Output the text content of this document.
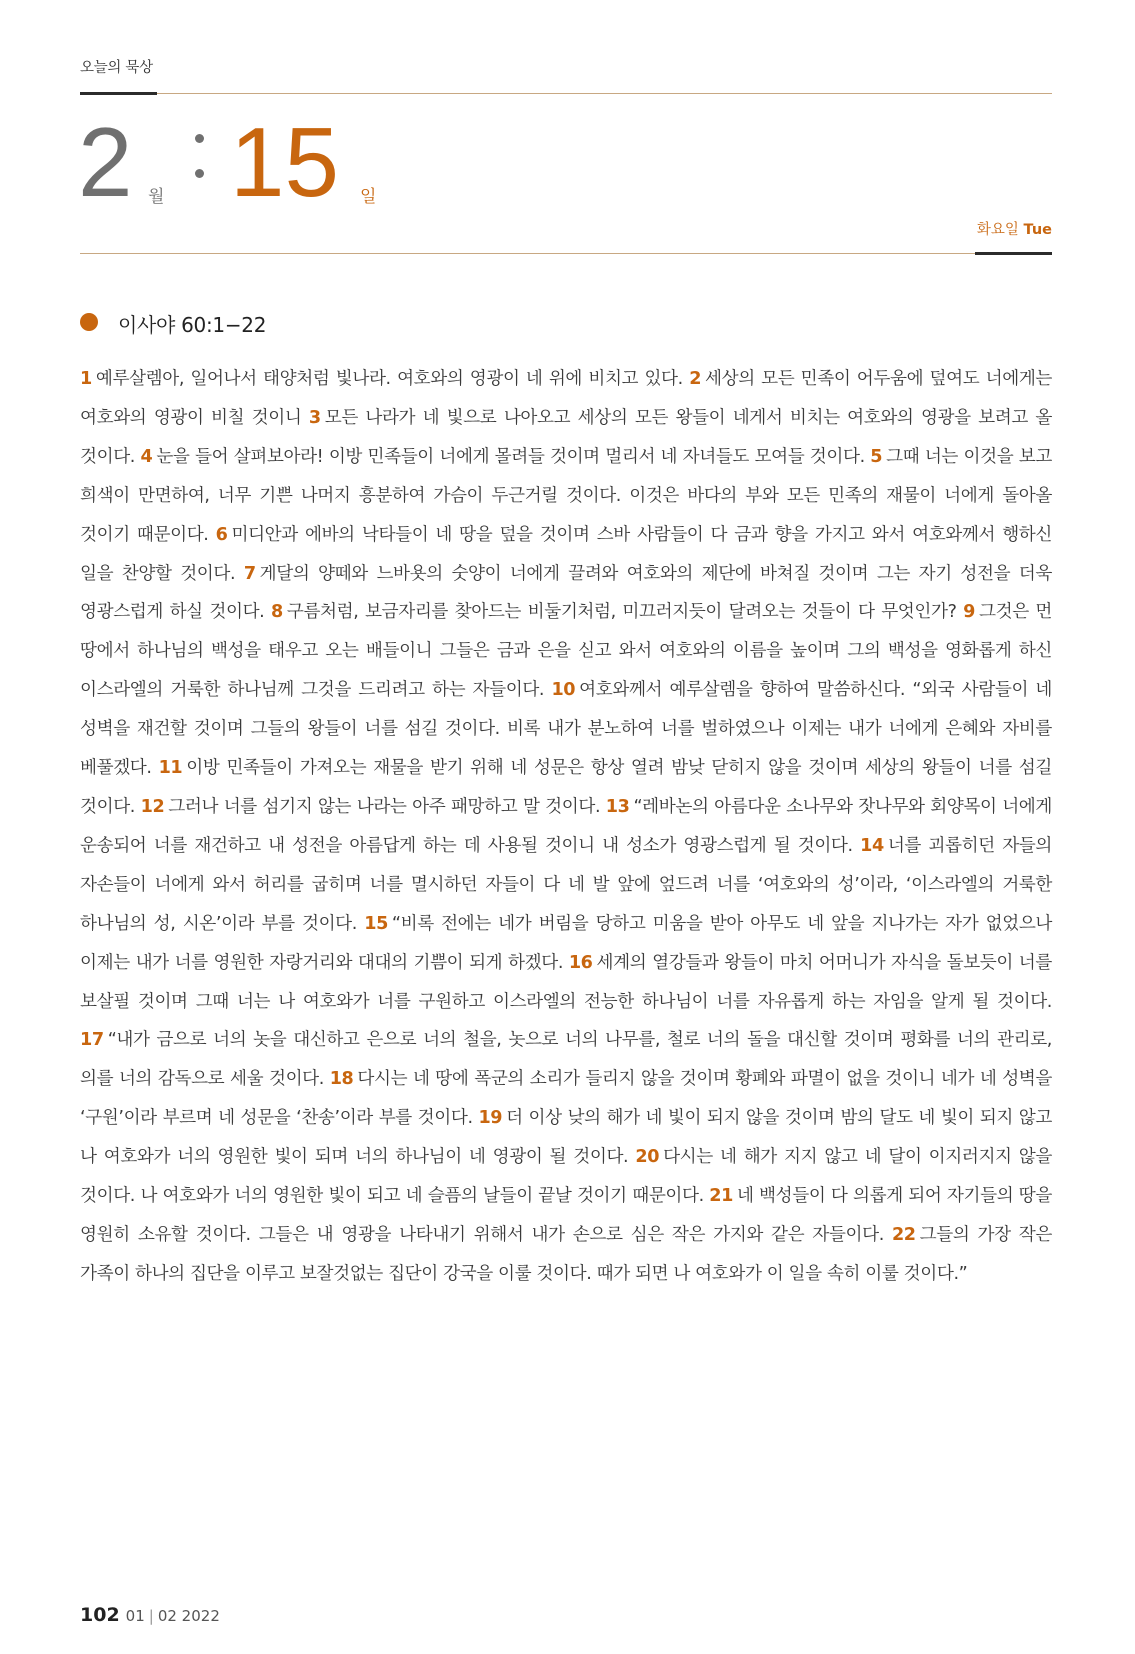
오늘의 묵상
2 월 15 일
화요일 Tue
이사야 60:1−22

1 예루살렘아, 일어나서 태양처럼 빛나라. 여호와의 영광이 네 위에 비치고 있다. 2 세상의 모든 민족이 어두움에 덮여도 너에게는 여호와의 영광이 비칠 것이니 3 모든 나라가 네 빛으로 나아오고 세상의 모든 왕들이 네게서 비치는 여호와의 영광을 보려고 올 것이다. 4 눈을 들어 살펴보아라! 이방 민족들이 너에게 몰려들 것이며 멀리서 네 자녀들도 모여들 것이다. 5 그때 너는 이것을 보고 희색이 만면하여, 너무 기쁜 나머지 흥분하여 가슴이 두근거릴 것이다. 이것은 바다의 부와 모든 민족의 재물이 너에게 돌아올 것이기 때문이다. 6 미디안과 에바의 낙타들이 네 땅을 덮을 것이며 스바 사람들이 다 금과 향을 가지고 와서 여호와께서 행하신 일을 찬양할 것이다. 7 게달의 양떼와 느바욧의 숫양이 너에게 끌려와 여호와의 제단에 바쳐질 것이며 그는 자기 성전을 더욱 영광스럽게 하실 것이다. 8 구름처럼, 보금자리를 찾아드는 비둘기처럼, 미끄러지듯이 달려오는 것들이 다 무엇인가? 9 그것은 먼 땅에서 하나님의 백성을 태우고 오는 배들이니 그들은 금과 은을 싣고 와서 여호와의 이름을 높이며 그의 백성을 영화롭게 하신 이스라엘의 거룩한 하나님께 그것을 드리려고 하는 자들이다. 10 여호와께서 예루살렘을 향하여 말씀하신다. “외국 사람들이 네 성벽을 재건할 것이며 그들의 왕들이 너를 섬길 것이다. 비록 내가 분노하여 너를 벌하였으나 이제는 내가 너에게 은혜와 자비를 베풀겠다. 11 이방 민족들이 가져오는 재물을 받기 위해 네 성문은 항상 열려 밤낮 닫히지 않을 것이며 세상의 왕들이 너를 섬길 것이다. 12 그러나 너를 섬기지 않는 나라는 아주 패망하고 말 것이다. 13 “레바논의 아름다운 소나무와 잣나무와 회양목이 너에게 운송되어 너를 재건하고 내 성전을 아름답게 하는 데 사용될 것이니 내 성소가 영광스럽게 될 것이다. 14 너를 괴롭히던 자들의 자손들이 너에게 와서 허리를 굽히며 너를 멸시하던 자들이 다 네 발 앞에 엎드려 너를 ‘여호와의 성’이라, ‘이스라엘의 거룩한 하나님의 성, 시온’이라 부를 것이다. 15 “비록 전에는 네가 버림을 당하고 미움을 받아 아무도 네 앞을 지나가는 자가 없었으나 이제는 내가 너를 영원한 자랑거리와 대대의 기쁨이 되게 하겠다. 16 세계의 열강들과 왕들이 마치 어머니가 자식을 돌보듯이 너를 보살필 것이며 그때 너는 나 여호와가 너를 구원하고 이스라엘의 전능한 하나님이 너를 자유롭게 하는 자임을 알게 될 것이다. 17 “내가 금으로 너의 놋을 대신하고 은으로 너의 철을, 놋으로 너의 나무를, 철로 너의 돌을 대신할 것이며 평화를 너의 관리로, 의를 너의 감독으로 세울 것이다. 18 다시는 네 땅에 폭군의 소리가 들리지 않을 것이며 황폐와 파멸이 없을 것이니 네가 네 성벽을 ‘구원’이라 부르며 네 성문을 ‘찬송’이라 부를 것이다. 19 더 이상 낮의 해가 네 빛이 되지 않을 것이며 밤의 달도 네 빛이 되지 않고 나 여호와가 너의 영원한 빛이 되며 너의 하나님이 네 영광이 될 것이다. 20 다시는 네 해가 지지 않고 네 달이 이지러지지 않을 것이다. 나 여호와가 너의 영원한 빛이 되고 네 슬픔의 날들이 끝날 것이기 때문이다. 21 네 백성들이 다 의롭게 되어 자기들의 땅을 영원히 소유할 것이다. 그들은 내 영광을 나타내기 위해서 내가 손으로 심은 작은 가지와 같은 자들이다. 22 그들의 가장 작은 가족이 하나의 집단을 이루고 보잘것없는 집단이 강국을 이룰 것이다. 때가 되면 나 여호와가 이 일을 속히 이룰 것이다.”

102 01 | 02 2022
